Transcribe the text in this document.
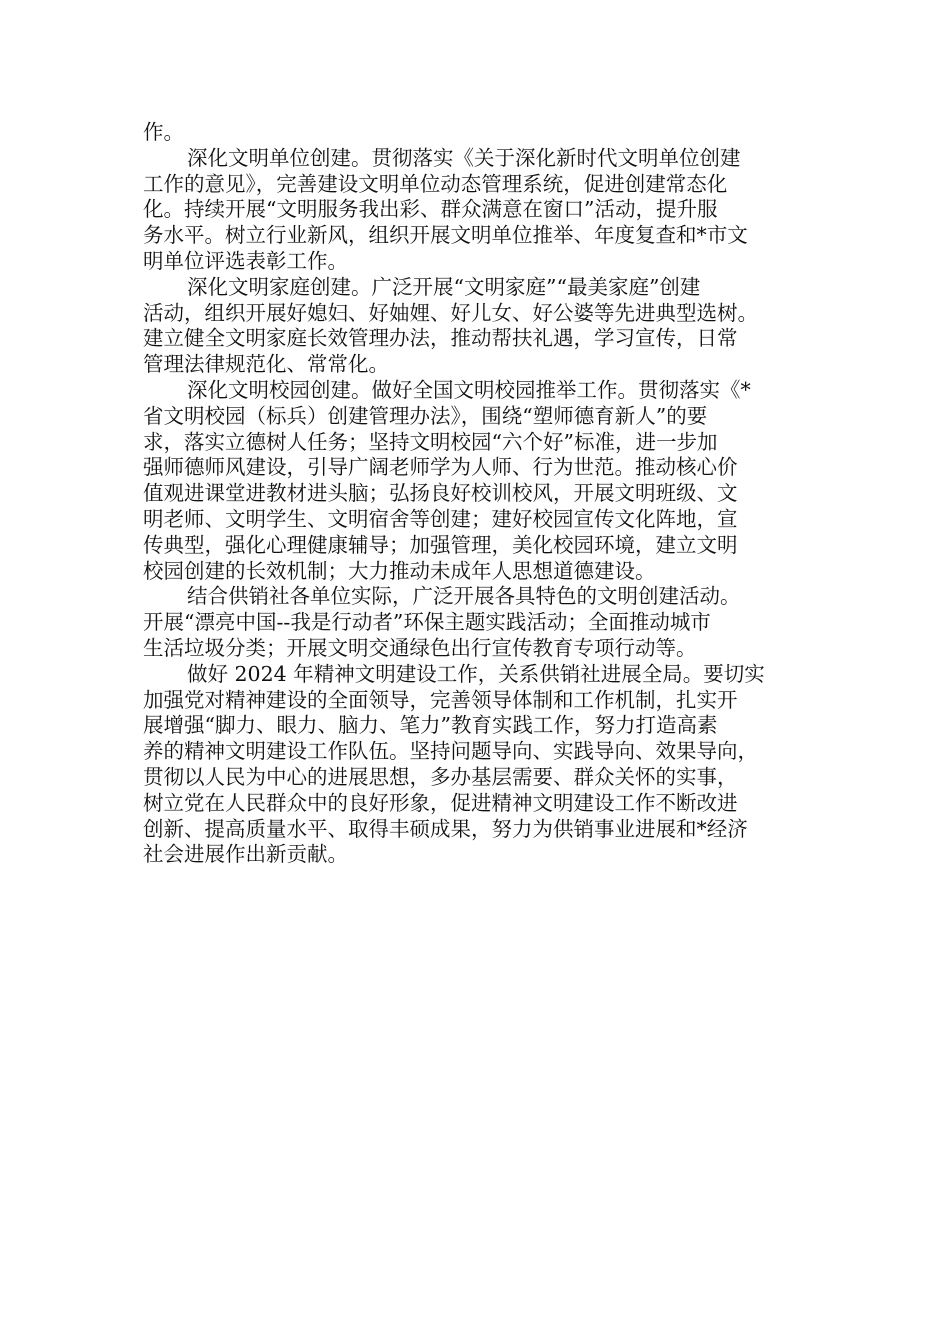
作。
深化文明单位创建。贯彻落实《关于深化新时代文明单位创建
工作的意见》，完善建设文明单位动态管理系统，促进创建常态化
化。持续开展“文明服务我出彩、群众满意在窗口”活动，提升服
务水平。树立行业新风，组织开展文明单位推举、年度复查和*市文
明单位评选表彰工作。
深化文明家庭创建。广泛开展“文明家庭”“最美家庭”创建
活动，组织开展好媳妇、好妯娌、好儿女、好公婆等先进典型选树。
建立健全文明家庭长效管理办法，推动帮扶礼遇，学习宣传，日常
管理法律规范化、常常化。
深化文明校园创建。做好全国文明校园推举工作。贯彻落实《*
省文明校园（标兵）创建管理办法》，围绕“塑师德育新人”的要
求，落实立德树人任务；坚持文明校园“六个好”标准，进一步加
强师德师风建设，引导广阔老师学为人师、行为世范。推动核心价
值观进课堂进教材进头脑；弘扬良好校训校风，开展文明班级、文
明老师、文明学生、文明宿舍等创建；建好校园宣传文化阵地，宣
传典型，强化心理健康辅导；加强管理，美化校园环境，建立文明
校园创建的长效机制；大力推动未成年人思想道德建设。
结合供销社各单位实际，广泛开展各具特色的文明创建活动。
开展“漂亮中国--我是行动者”环保主题实践活动；全面推动城市
生活垃圾分类；开展文明交通绿色出行宣传教育专项行动等。
做好 2024 年精神文明建设工作，关系供销社进展全局。要切实
加强党对精神建设的全面领导，完善领导体制和工作机制，扎实开
展增强“脚力、眼力、脑力、笔力”教育实践工作，努力打造高素
养的精神文明建设工作队伍。坚持问题导向、实践导向、效果导向，
贯彻以人民为中心的进展思想，多办基层需要、群众关怀的实事，
树立党在人民群众中的良好形象，促进精神文明建设工作不断改进
创新、提高质量水平、取得丰硕成果，努力为供销事业进展和*经济
社会进展作出新贡献。
